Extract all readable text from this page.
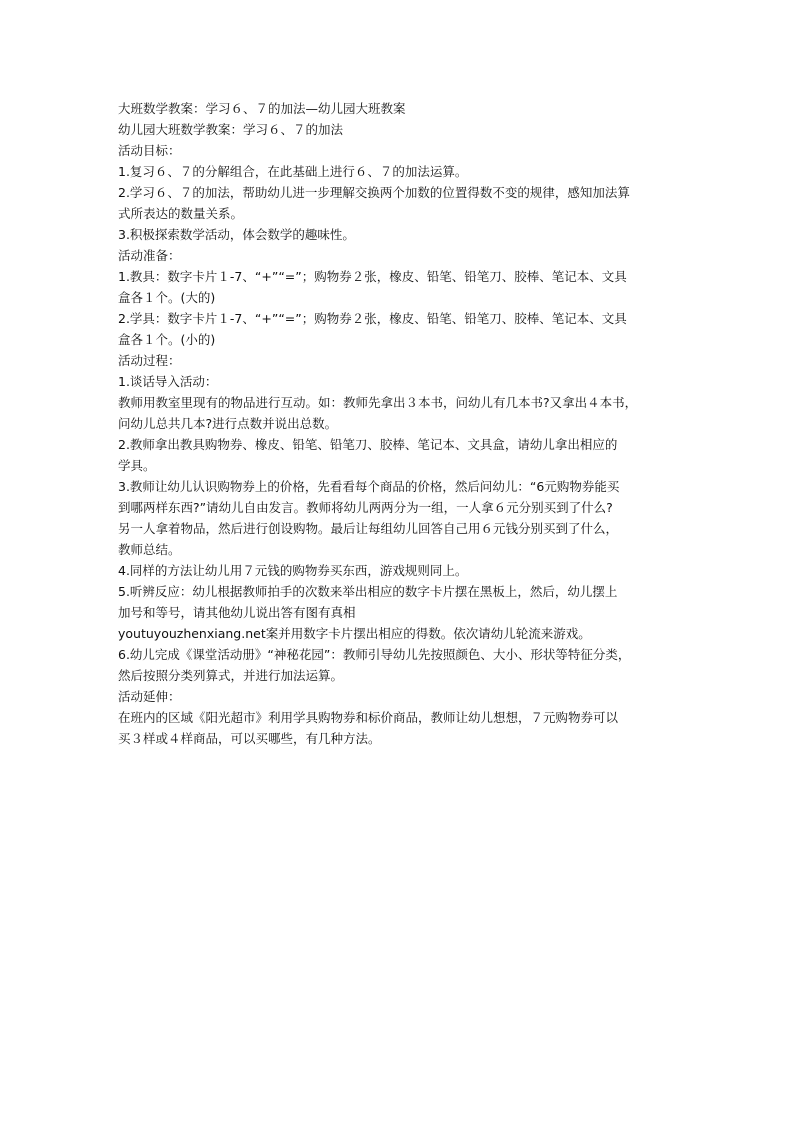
大班数学教案：学习６、７的加法—幼儿园大班教案
幼儿园大班数学教案：学习６、７的加法
活动目标：
1.复习６、７的分解组合，在此基础上进行６、７的加法运算。
2.学习６、７的加法，帮助幼儿进一步理解交换两个加数的位置得数不变的规律，感知加法算
式所表达的数量关系。
3.积极探索数学活动，体会数学的趣味性。
活动准备：
1.教具：数字卡片１-7、“+”“=”；购物券２张，橡皮、铅笔、铅笔刀、胶棒、笔记本、文具
盒各１个。(大的)
2.学具：数字卡片１-7、“+”“=”；购物券２张，橡皮、铅笔、铅笔刀、胶棒、笔记本、文具
盒各１个。(小的)
活动过程：
1.谈话导入活动：
教师用教室里现有的物品进行互动。如：教师先拿出３本书，问幼儿有几本书?又拿出４本书，
问幼儿总共几本?进行点数并说出总数。
2.教师拿出教具购物券、橡皮、铅笔、铅笔刀、胶棒、笔记本、文具盒，请幼儿拿出相应的
学具。
3.教师让幼儿认识购物券上的价格，先看看每个商品的价格，然后问幼儿：“6元购物券能买
到哪两样东西?”请幼儿自由发言。教师将幼儿两两分为一组，一人拿６元分别买到了什么?
另一人拿着物品，然后进行创设购物。最后让每组幼儿回答自己用６元钱分别买到了什么，
教师总结。
4.同样的方法让幼儿用７元钱的购物券买东西，游戏规则同上。
5.听辨反应：幼儿根据教师拍手的次数来举出相应的数字卡片摆在黑板上，然后，幼儿摆上
加号和等号，请其他幼儿说出答有图有真相
youtuyouzhenxiang.net案并用数字卡片摆出相应的得数。依次请幼儿轮流来游戏。
6.幼儿完成《课堂活动册》“神秘花园”：教师引导幼儿先按照颜色、大小、形状等特征分类，
然后按照分类列算式，并进行加法运算。
活动延伸：
在班内的区域《阳光超市》利用学具购物券和标价商品，教师让幼儿想想，７元购物券可以
买３样或４样商品，可以买哪些，有几种方法。
